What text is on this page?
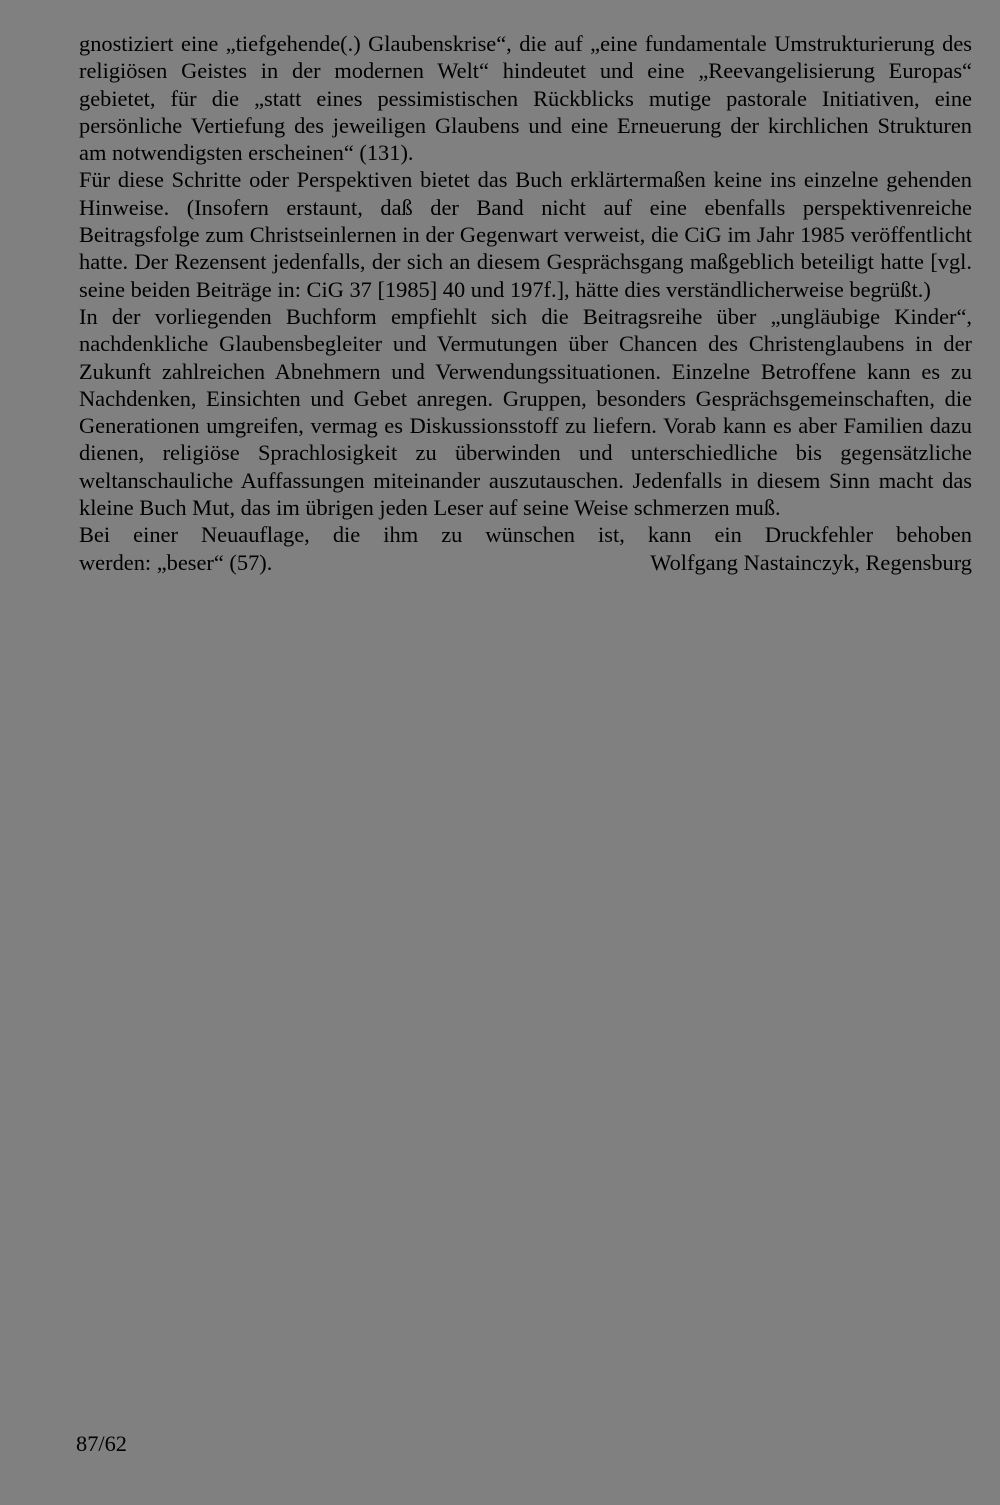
gnostiziert eine „tiefgehende(.) Glaubenskrise“, die auf „eine fundamentale Umstrukturierung des religiösen Geistes in der modernen Welt“ hindeutet und eine „Reevangelisierung Europas“ gebietet, für die „statt eines pessimistischen Rückblicks mutige pastorale Initiativen, eine persönliche Vertiefung des jeweiligen Glaubens und eine Erneuerung der kirchlichen Strukturen am notwendigsten erscheinen“ (131).

Für diese Schritte oder Perspektiven bietet das Buch erklärtermaßen keine ins einzelne gehenden Hinweise. (Insofern erstaunt, daß der Band nicht auf eine ebenfalls perspektivenreiche Beitragsfolge zum Christseinlernen in der Gegenwart verweist, die CiG im Jahr 1985 veröffentlicht hatte. Der Rezensent jedenfalls, der sich an diesem Gesprächsgang maßgeblich beteiligt hatte [vgl. seine beiden Beiträge in: CiG 37 [1985] 40 und 197f.], hätte dies verständlicherweise begrüßt.)

In der vorliegenden Buchform empfiehlt sich die Beitragsreihe über „ungläubige Kinder“, nachdenkliche Glaubensbegleiter und Vermutungen über Chancen des Christenglaubens in der Zukunft zahlreichen Abnehmern und Verwendungssituationen. Einzelne Betroffene kann es zu Nachdenken, Einsichten und Gebet anregen. Gruppen, besonders Gesprächsgemeinschaften, die Generationen umgreifen, vermag es Diskussionsstoff zu liefern. Vorab kann es aber Familien dazu dienen, religiöse Sprachlosigkeit zu überwinden und unterschiedliche bis gegensätzliche weltanschauliche Auffassungen miteinander auszutauschen. Jedenfalls in diesem Sinn macht das kleine Buch Mut, das im übrigen jeden Leser auf seine Weise schmerzen muß.

Bei einer Neuauflage, die ihm zu wünschen ist, kann ein Druckfehler behoben

werden: „beser“ (57).	Wolfgang Nastainczyk, Regensburg
87/62
